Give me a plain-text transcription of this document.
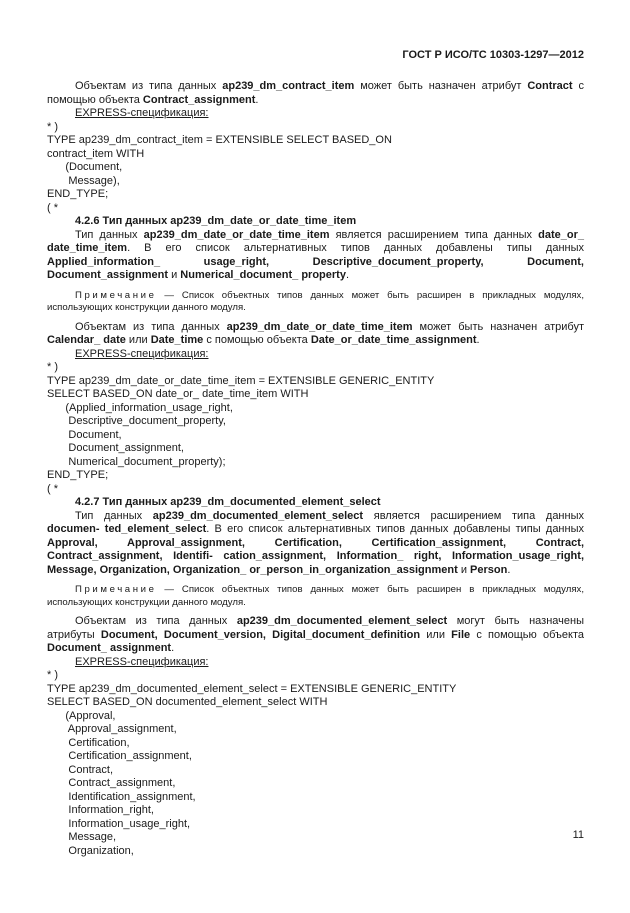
ГОСТ Р ИСО/ТС 10303-1297—2012

Объектам из типа данных ap239_dm_contract_item может быть назначен атрибут Contract с помощью объекта Contract_assignment.

EXPRESS-спецификация:

* )
TYPE ap239_dm_contract_item = EXTENSIBLE SELECT BASED_ON
contract_item WITH
(Document,
Message),
END_TYPE;
( *

4.2.6 Тип данных ap239_dm_date_or_date_time_item

Тип данных ap239_dm_date_or_date_time_item является расширением типа данных date_or_ date_time_item. В его список альтернативных типов данных добавлены типы данных Applied_information_ usage_right, Descriptive_document_property, Document, Document_assignment и Numerical_document_ property.

Примечание — Список объектных типов данных может быть расширен в прикладных модулях, использующих конструкции данного модуля.

Объектам из типа данных ap239_dm_date_or_date_time_item может быть назначен атрибут Calendar_ date или Date_time с помощью объекта Date_or_date_time_assignment.

EXPRESS-спецификация:

* )
TYPE ap239_dm_date_or_date_time_item = EXTENSIBLE GENERIC_ENTITY
SELECT BASED_ON date_or_ date_time_item WITH
(Applied_information_usage_right,
Descriptive_document_property,
Document,
Document_assignment,
Numerical_document_property);
END_TYPE;
( *

4.2.7 Тип данных ap239_dm_documented_element_select

Тип данных ap239_dm_documented_element_select является расширением типа данных documen- ted_element_select. В его список альтернативных типов данных добавлены типы данных Approval, Approval_assignment, Certification, Certification_assignment, Contract, Contract_assignment, Identifi- cation_assignment, Information_ right, Information_usage_right, Message, Organization, Organization_ or_person_in_organization_assignment и Person.

Примечание — Список объектных типов данных может быть расширен в прикладных модулях, использующих конструкции данного модуля.

Объектам из типа данных ap239_dm_documented_element_select могут быть назначены атрибуты Document, Document_version, Digital_document_definition или File с помощью объекта Document_ assignment.

EXPRESS-спецификация:

* )
TYPE ap239_dm_documented_element_select = EXTENSIBLE GENERIC_ENTITY
SELECT BASED_ON documented_element_select WITH
(Approval,
Approval_assignment,
Certification,
Certification_assignment,
Contract,
Contract_assignment,
Identification_assignment,
Information_right,
Information_usage_right,
Message,
Organization,
11
